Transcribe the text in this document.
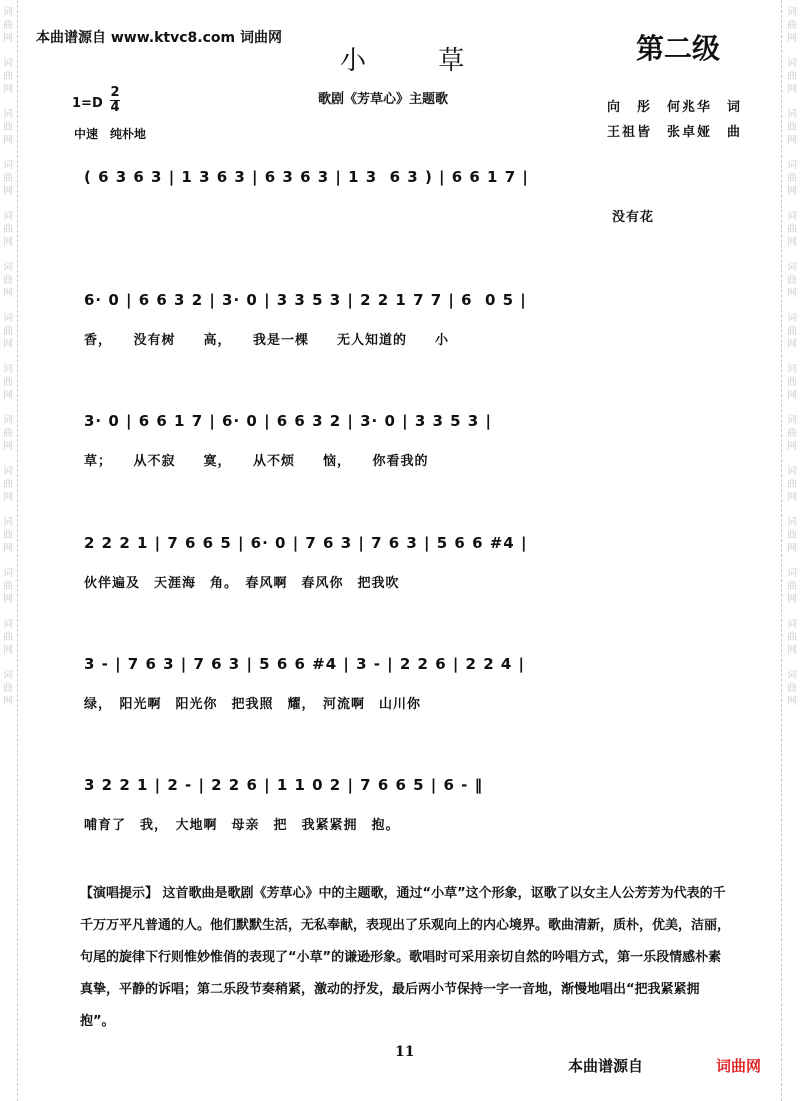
词
曲
网
词
曲
网
词
曲
网
词
曲
网
词
曲
网
词
曲
网
词
曲
网
词
曲
网
词
曲
网
词
曲
网
词
曲
网
词
曲
网
词
曲
网
词
曲
网
词
曲
网
词
曲
网
词
曲
网
词
曲
网
词
曲
网
词
曲
网
词
曲
网
词
曲
网
词
曲
网
词
曲
网
词
曲
网
词
曲
网
词
曲
网
词
曲
网
本曲谱源自 www.ktvc8.com 词曲网
小 草	第二级
歌剧《芳草心》主题歌
1=D
2
4
中速　纯朴地
向　彤　何兆华　词
王祖皆　张卓娅　曲
( 6 3 6 3 | 1 3 6 3 | 6 3 6 3 | 1 3  6 3 ) | 6 6 1 7 |
没有花
6· 0 | 6 6 3 2 | 3· 0 | 3 3 5 3 | 2 2 1 7 7 | 6  0 5 |
香，　　没有树　　高，　　我是一棵　　无人知道的　　小
3· 0 | 6 6 1 7 | 6· 0 | 6 6 3 2 | 3· 0 | 3 3 5 3 |
草；　　从不寂　　寞，　　从不烦　　恼，　　你看我的
2 2 2 1 | 7 6 6 5 | 6· 0 | 7 6 3 | 7 6 3 | 5 6 6 #4 |
伙伴遍及　天涯海　角。　春风啊　春风你　把我吹
3 - | 7 6 3 | 7 6 3 | 5 6 6 #4 | 3 - | 2 2 6 | 2 2 4 |
绿，　阳光啊　阳光你　把我照　耀，　河流啊　山川你
3 2 2 1 | 2 - | 2 2 6 | 1 1 0 2 | 7 6 6 5 | 6 - ‖
哺育了　我，　大地啊　母亲　把　我紧紧拥　抱。
【演唱提示】 这首歌曲是歌剧《芳草心》中的主题歌，通过“小草”这个形象，讴歌了以女主人公芳芳为代表的千千万万平凡普通的人。他们默默生活，无私奉献，表现出了乐观向上的内心境界。歌曲清新，质朴，优美，洁丽，句尾的旋律下行则惟妙惟俏的表现了“小草”的谦逊形象。歌唱时可采用亲切自然的吟唱方式，第一乐段情感朴素真挚，平静的诉唱；第二乐段节奏稍紧，激动的抒发，最后两小节保持一字一音地，渐慢地唱出“把我紧紧拥抱”。
11
本曲谱源自	词曲网
